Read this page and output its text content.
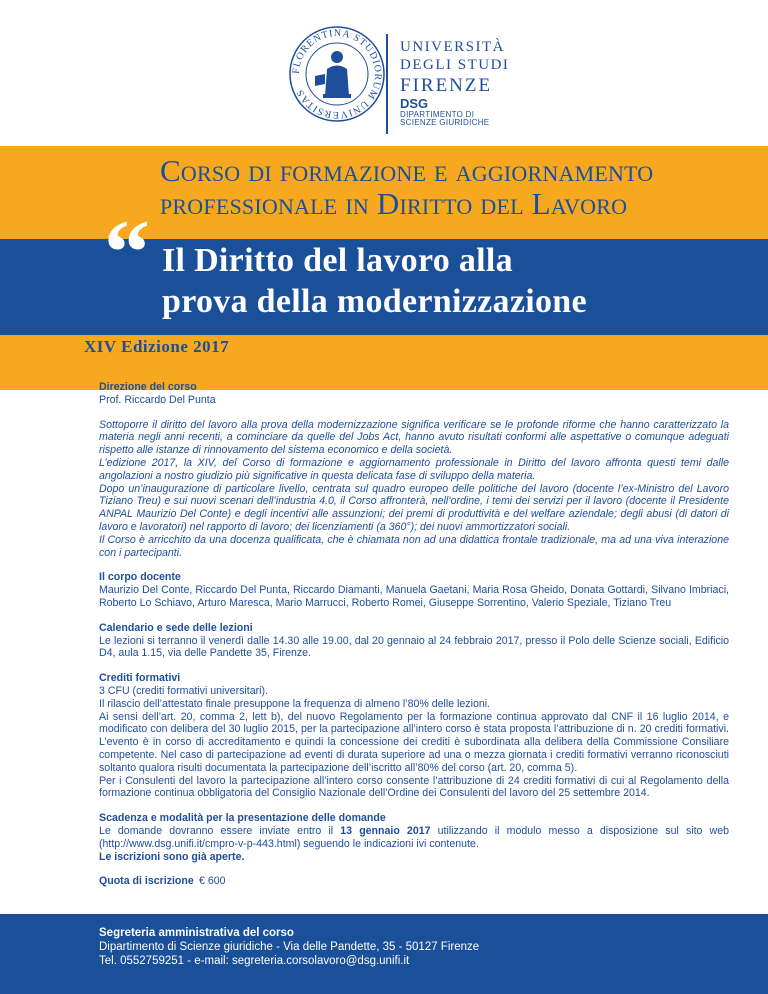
FLORENTINA STUDIORUM UNIVERSITAS
UNIVERSITÀ
DEGLI STUDI
FIRENZE
DSG
DIPARTIMENTO DI
SCIENZE GIURIDICHE
Corso di formazione e aggiornamento
professionale in Diritto del Lavoro
“ Il Diritto del lavoro alla
prova della modernizzazione ”
XIV Edizione 2017

Direzione del corso

Prof. Riccardo Del Punta

Sottoporre il diritto del lavoro alla prova della modernizzazione significa verificare se le profonde riforme che hanno caratterizzato la materia negli anni recenti, a cominciare da quelle del Jobs Act, hanno avuto risultati conformi alle aspettative o comunque adeguati rispetto alle istanze di rinnovamento del sistema economico e della società.

L’edizione 2017, la XIV, del Corso di formazione e aggiornamento professionale in Diritto del lavoro affronta questi temi dalle angolazioni a nostro giudizio più significative in questa delicata fase di sviluppo della materia.

Dopo un’inaugurazione di particolare livello, centrata sul quadro europeo delle politiche del lavoro (docente l’ex-Ministro del Lavoro Tiziano Treu) e sui nuovi scenari dell’industria 4.0, il Corso affronterà, nell’ordine, i temi dei servizi per il lavoro (docente il Presidente ANPAL Maurizio Del Conte) e degli incentivi alle assunzioni; dei premi di produttività e del welfare aziendale; degli abusi (di datori di lavoro e lavoratori) nel rapporto di lavoro; dei licenziamenti (a 360°); dei nuovi ammortizzatori sociali.

Il Corso è arricchito da una docenza qualificata, che è chiamata non ad una didattica frontale tradizionale, ma ad una viva interazione con i partecipanti.

Il corpo docente

Maurizio Del Conte, Riccardo Del Punta, Riccardo Diamanti, Manuela Gaetani, Maria Rosa Gheido, Donata Gottardi, Silvano Imbriaci, Roberto Lo Schiavo, Arturo Maresca, Mario Marrucci, Roberto Romei, Giuseppe Sorrentino, Valerio Speziale, Tiziano Treu

Calendario e sede delle lezioni

Le lezioni si terranno il venerdì dalle 14.30 alle 19.00, dal 20 gennaio al 24 febbraio 2017, presso il Polo delle Scienze sociali, Edificio D4, aula 1.15, via delle Pandette 35, Firenze.

Crediti formativi

3 CFU (crediti formativi universitari).

Il rilascio dell’attestato finale presuppone la frequenza di almeno l’80% delle lezioni.

Ai sensi dell’art. 20, comma 2, lett b), del nuovo Regolamento per la formazione continua approvato dal CNF il 16 luglio 2014, e modificato con delibera del 30 luglio 2015, per la partecipazione all’intero corso è stata proposta l’attribuzione di n. 20 crediti formativi. L’evento è in corso di accreditamento e quindi la concessione dei crediti è subordinata alla delibera della Commissione Consiliare competente. Nel caso di partecipazione ad eventi di durata superiore ad una o mezza giornata i crediti formativi verranno riconosciuti soltanto qualora risulti documentata la partecipazione dell’iscritto all’80% del corso (art. 20, comma 5).

Per i Consulenti del lavoro la partecipazione all’intero corso consente l’attribuzione di 24 crediti formativi di cui al Regolamento della formazione continua obbligatoria del Consiglio Nazionale dell’Ordine dei Consulenti del lavoro del 25 settembre 2014.

Scadenza e modalità per la presentazione delle domande

Le domande dovranno essere inviate entro il 13 gennaio 2017 utilizzando il modulo messo a disposizione sul sito web (http://www.dsg.unifi.it/cmpro-v-p-443.html) seguendo le indicazioni ivi contenute.

Le iscrizioni sono già aperte.

Quota di iscrizione € 600
Segreteria amministrativa del corso
Dipartimento di Scienze giuridiche - Via delle Pandette, 35 - 50127 Firenze
Tel. 0552759251 - e-mail: segreteria.corsolavoro@dsg.unifi.it
